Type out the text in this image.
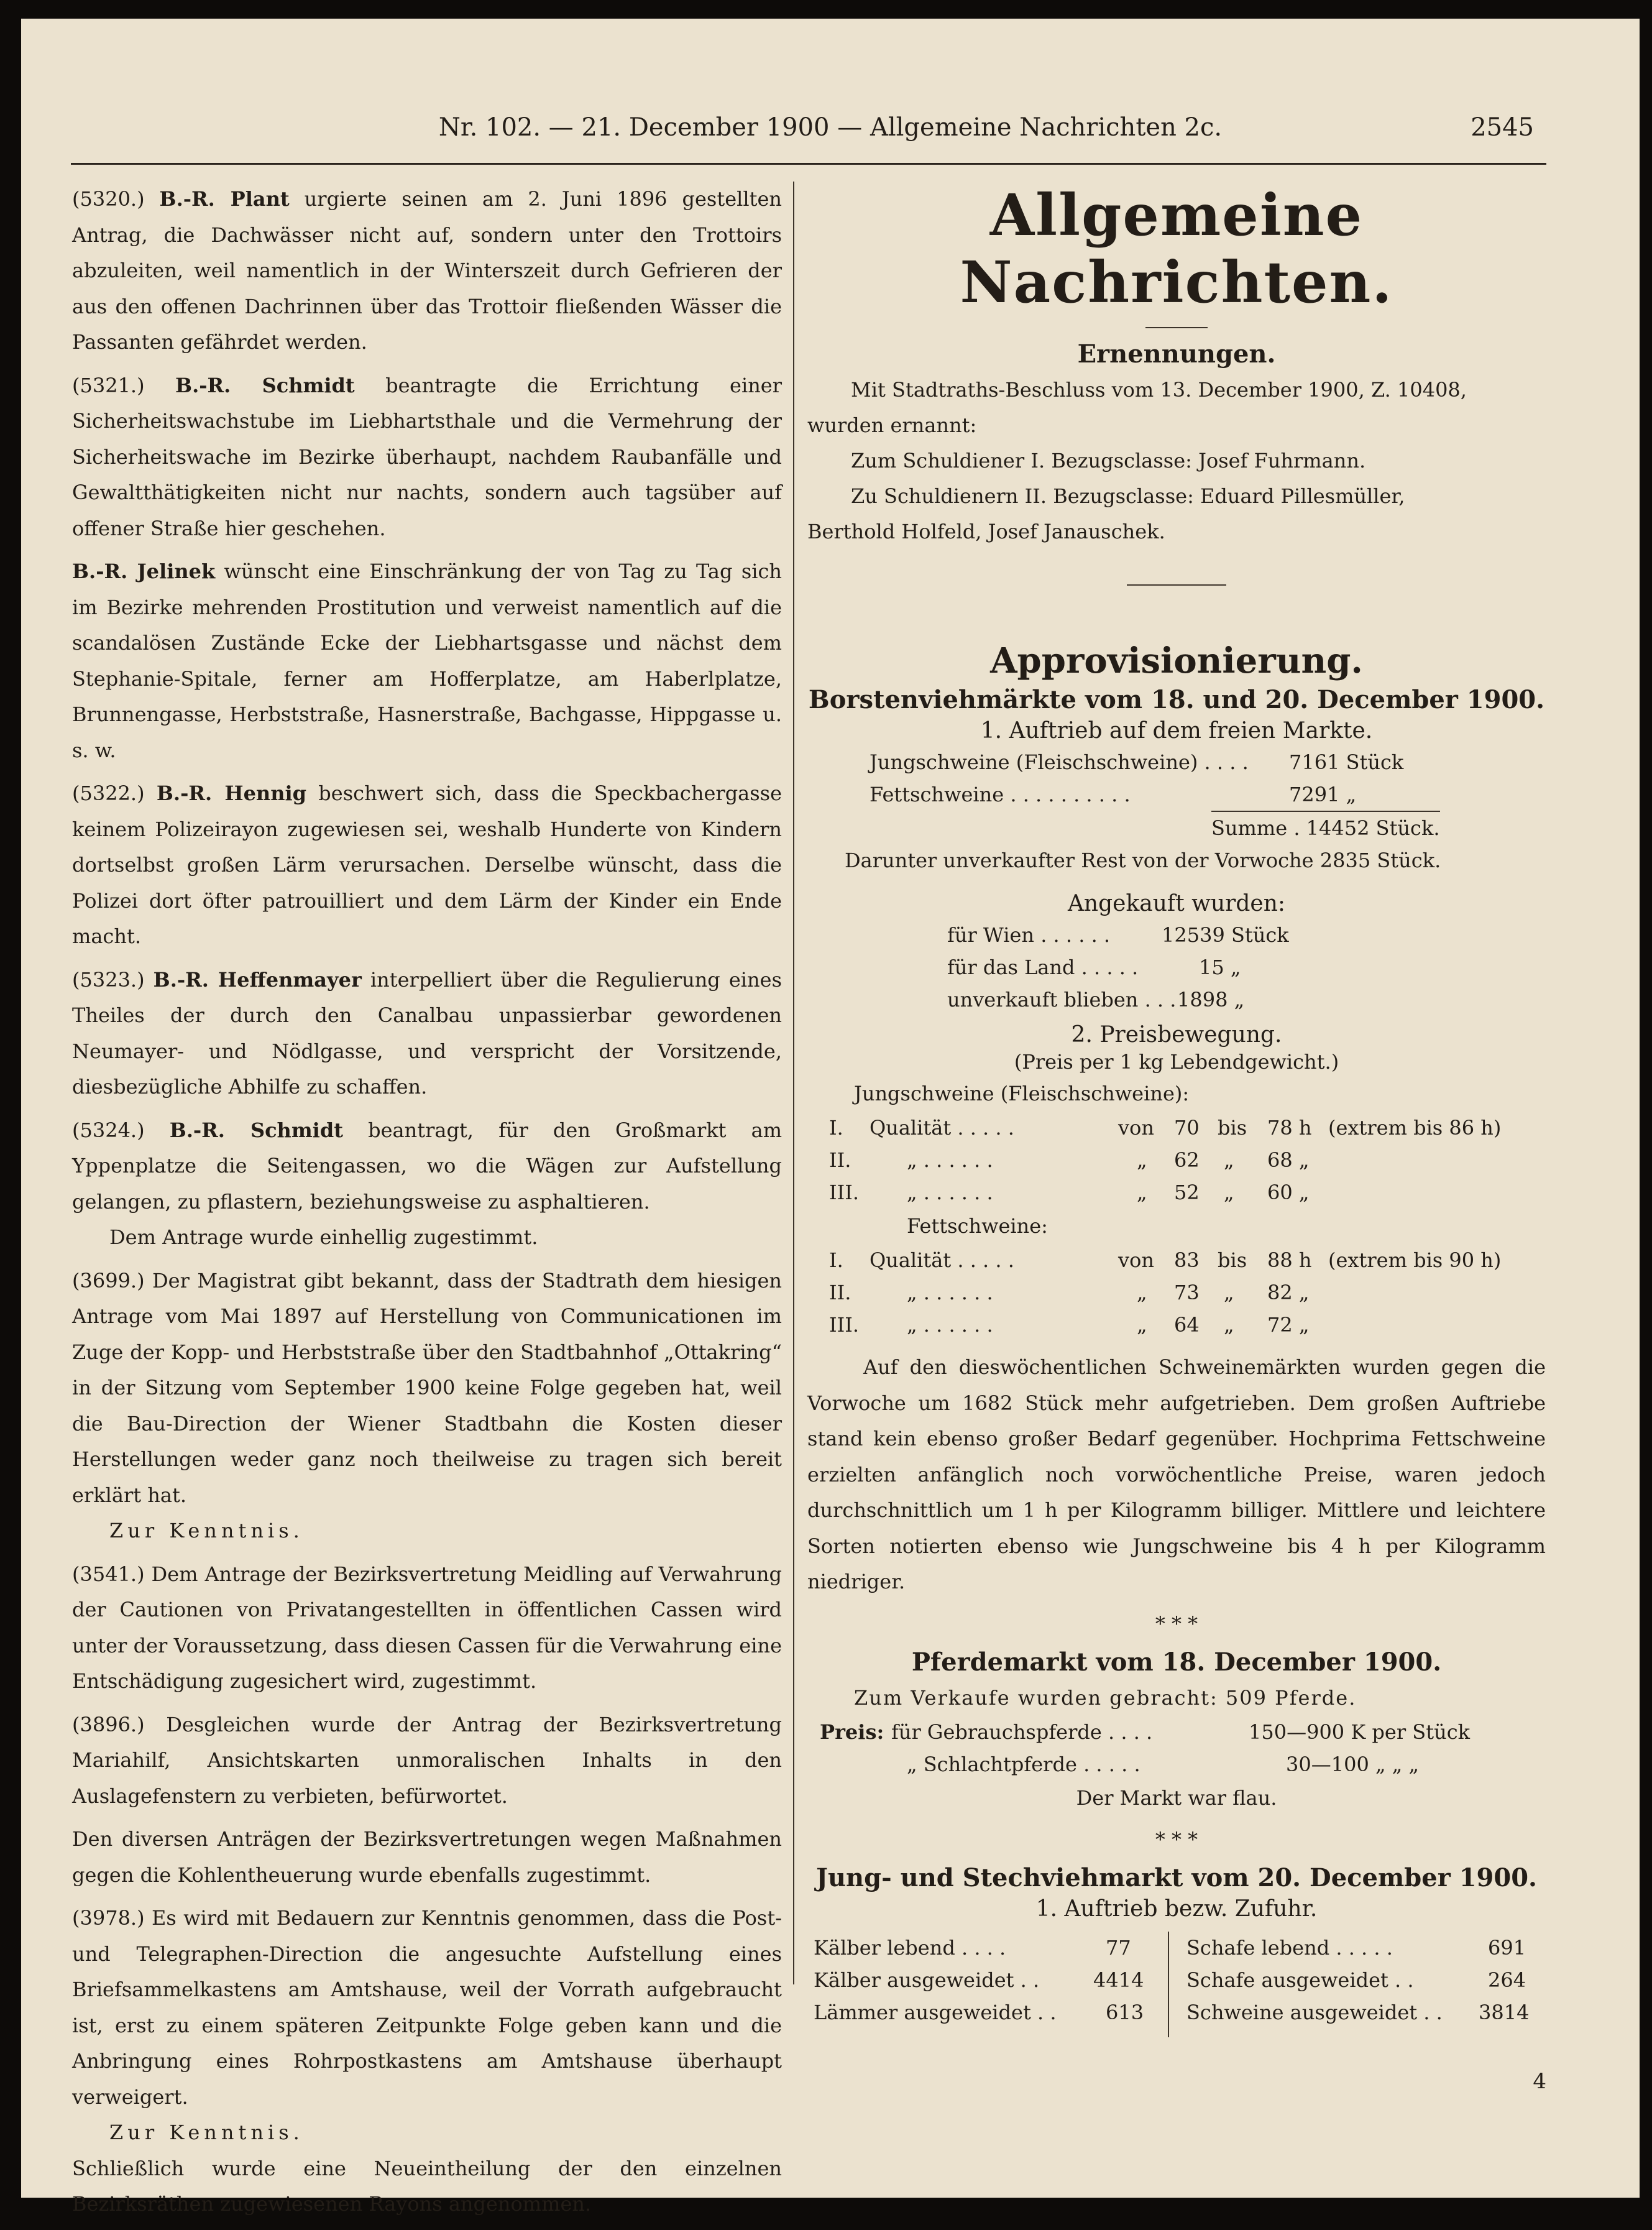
Nr. 102. — 21. December 1900 — Allgemeine Nachrichten 2c.	2545

(5320.) B.-R. Plant urgierte seinen am 2. Juni 1896 gestellten Antrag, die Dachwässer nicht auf, sondern unter den Trottoirs abzuleiten, weil namentlich in der Winterszeit durch Gefrieren der aus den offenen Dachrinnen über das Trottoir fließenden Wässer die Passanten gefährdet werden.

(5321.) B.-R. Schmidt beantragte die Errichtung einer Sicherheitswachstube im Liebhartsthale und die Vermehrung der Sicherheitswache im Bezirke überhaupt, nachdem Raubanfälle und Gewaltthätigkeiten nicht nur nachts, sondern auch tagsüber auf offener Straße hier geschehen.

B.-R. Jelinek wünscht eine Einschränkung der von Tag zu Tag sich im Bezirke mehrenden Prostitution und verweist namentlich auf die scandalösen Zustände Ecke der Liebhartsgasse und nächst dem Stephanie-Spitale, ferner am Hofferplatze, am Haberlplatze, Brunnengasse, Herbststraße, Hasnerstraße, Bachgasse, Hippgasse u. s. w.

(5322.) B.-R. Hennig beschwert sich, dass die Speckbachergasse keinem Polizeirayon zugewiesen sei, weshalb Hunderte von Kindern dortselbst großen Lärm verursachen. Derselbe wünscht, dass die Polizei dort öfter patrouilliert und dem Lärm der Kinder ein Ende macht.

(5323.) B.-R. Heffenmayer interpelliert über die Regulierung eines Theiles der durch den Canalbau unpassierbar gewordenen Neumayer- und Nödlgasse, und verspricht der Vorsitzende, diesbezügliche Abhilfe zu schaffen.

(5324.) B.-R. Schmidt beantragt, für den Großmarkt am Yppenplatze die Seitengassen, wo die Wägen zur Aufstellung gelangen, zu pflastern, beziehungsweise zu asphaltieren.

Dem Antrage wurde einhellig zugestimmt.

(3699.) Der Magistrat gibt bekannt, dass der Stadtrath dem hiesigen Antrage vom Mai 1897 auf Herstellung von Communicationen im Zuge der Kopp- und Herbststraße über den Stadtbahnhof „Ottakring“ in der Sitzung vom September 1900 keine Folge gegeben hat, weil die Bau-Direction der Wiener Stadtbahn die Kosten dieser Herstellungen weder ganz noch theilweise zu tragen sich bereit erklärt hat.

Zur Kenntnis.

(3541.) Dem Antrage der Bezirksvertretung Meidling auf Verwahrung der Cautionen von Privatangestellten in öffentlichen Cassen wird unter der Voraussetzung, dass diesen Cassen für die Verwahrung eine Entschädigung zugesichert wird, zugestimmt.

(3896.) Desgleichen wurde der Antrag der Bezirksvertretung Mariahilf, Ansichtskarten unmoralischen Inhalts in den Auslagefenstern zu verbieten, befürwortet.

Den diversen Anträgen der Bezirksvertretungen wegen Maßnahmen gegen die Kohlentheuerung wurde ebenfalls zugestimmt.

(3978.) Es wird mit Bedauern zur Kenntnis genommen, dass die Post- und Telegraphen-Direction die angesuchte Aufstellung eines Briefsammelkastens am Amtshause, weil der Vorrath aufgebraucht ist, erst zu einem späteren Zeitpunkte Folge geben kann und die Anbringung eines Rohrpostkastens am Amtshause überhaupt verweigert.

Zur Kenntnis.

Schließlich wurde eine Neueintheilung der den einzelnen Bezirksräthen zugewiesenen Rayons angenommen.

Allgemeine Nachrichten.
Ernennungen.
Mit Stadtraths-Beschluss vom 13. December 1900, Z. 10408,
wurden ernannt:
Zum Schuldiener I. Bezugsclasse: Josef Fuhrmann.
Zu Schuldienern II. Bezugsclasse: Eduard Pillesmüller,
Berthold Holfeld, Josef Janauschek.
Approvisionierung.
Borstenviehmärkte vom 18. und 20. December 1900.
1. Auftrieb auf dem freien Markte.
Jungschweine (Fleischschweine) . . . . 7161 Stück
Fettschweine . . . . . . . . . .	7291 „
Summe . 14452 Stück.
Darunter unverkaufter Rest von der Vorwoche 2835 Stück.
Angekauft wurden:
für Wien . . . . . .	12539 Stück
für das Land . . . . .	15 „
unverkauft blieben . . . 1898 „
2. Preisbewegung.
(Preis per 1 kg Lebendgewicht.)
Jungschweine (Fleischschweine):
I. Qualität . . . . .	von 70 bis 78 h (extrem bis 86 h)
II.	„ . . . . . .	„ 62 „ 68 „
III. „ . . . . . .	„ 52 „ 60 „
Fettschweine:
I. Qualität . . . . .	von 83 bis 88 h (extrem bis 90 h)
II.	„ . . . . . .	„ 73 „ 82 „
III. „ . . . . . .	„ 64 „ 72 „

Auf den dieswöchentlichen Schweinemärkten wurden gegen die Vorwoche um 1682 Stück mehr aufgetrieben. Dem großen Auftriebe stand kein ebenso großer Bedarf gegenüber. Hochprima Fettschweine erzielten anfänglich noch vorwöchentliche Preise, waren jedoch durchschnittlich um 1 h per Kilogramm billiger. Mittlere und leichtere Sorten notierten ebenso wie Jungschweine bis 4 h per Kilogramm niedriger.

* * *
Pferdemarkt vom 18. December 1900.
Zum Verkaufe wurden gebracht: 509 Pferde.
Preis: für Gebrauchspferde . . . .	150—900 K per Stück
„ Schlachtpferde . . . . .	30—100 „ „ „
Der Markt war flau.
* * *
Jung- und Stechviehmarkt vom 20. December 1900.
1. Auftrieb bezw. Zufuhr.
Kälber lebend . . . .	77	Schafe lebend . . . . .	691
Kälber ausgeweidet . .	4414 Schafe ausgeweidet . .	264
Lämmer ausgeweidet . . 613 Schweine ausgeweidet . . 3814
4
